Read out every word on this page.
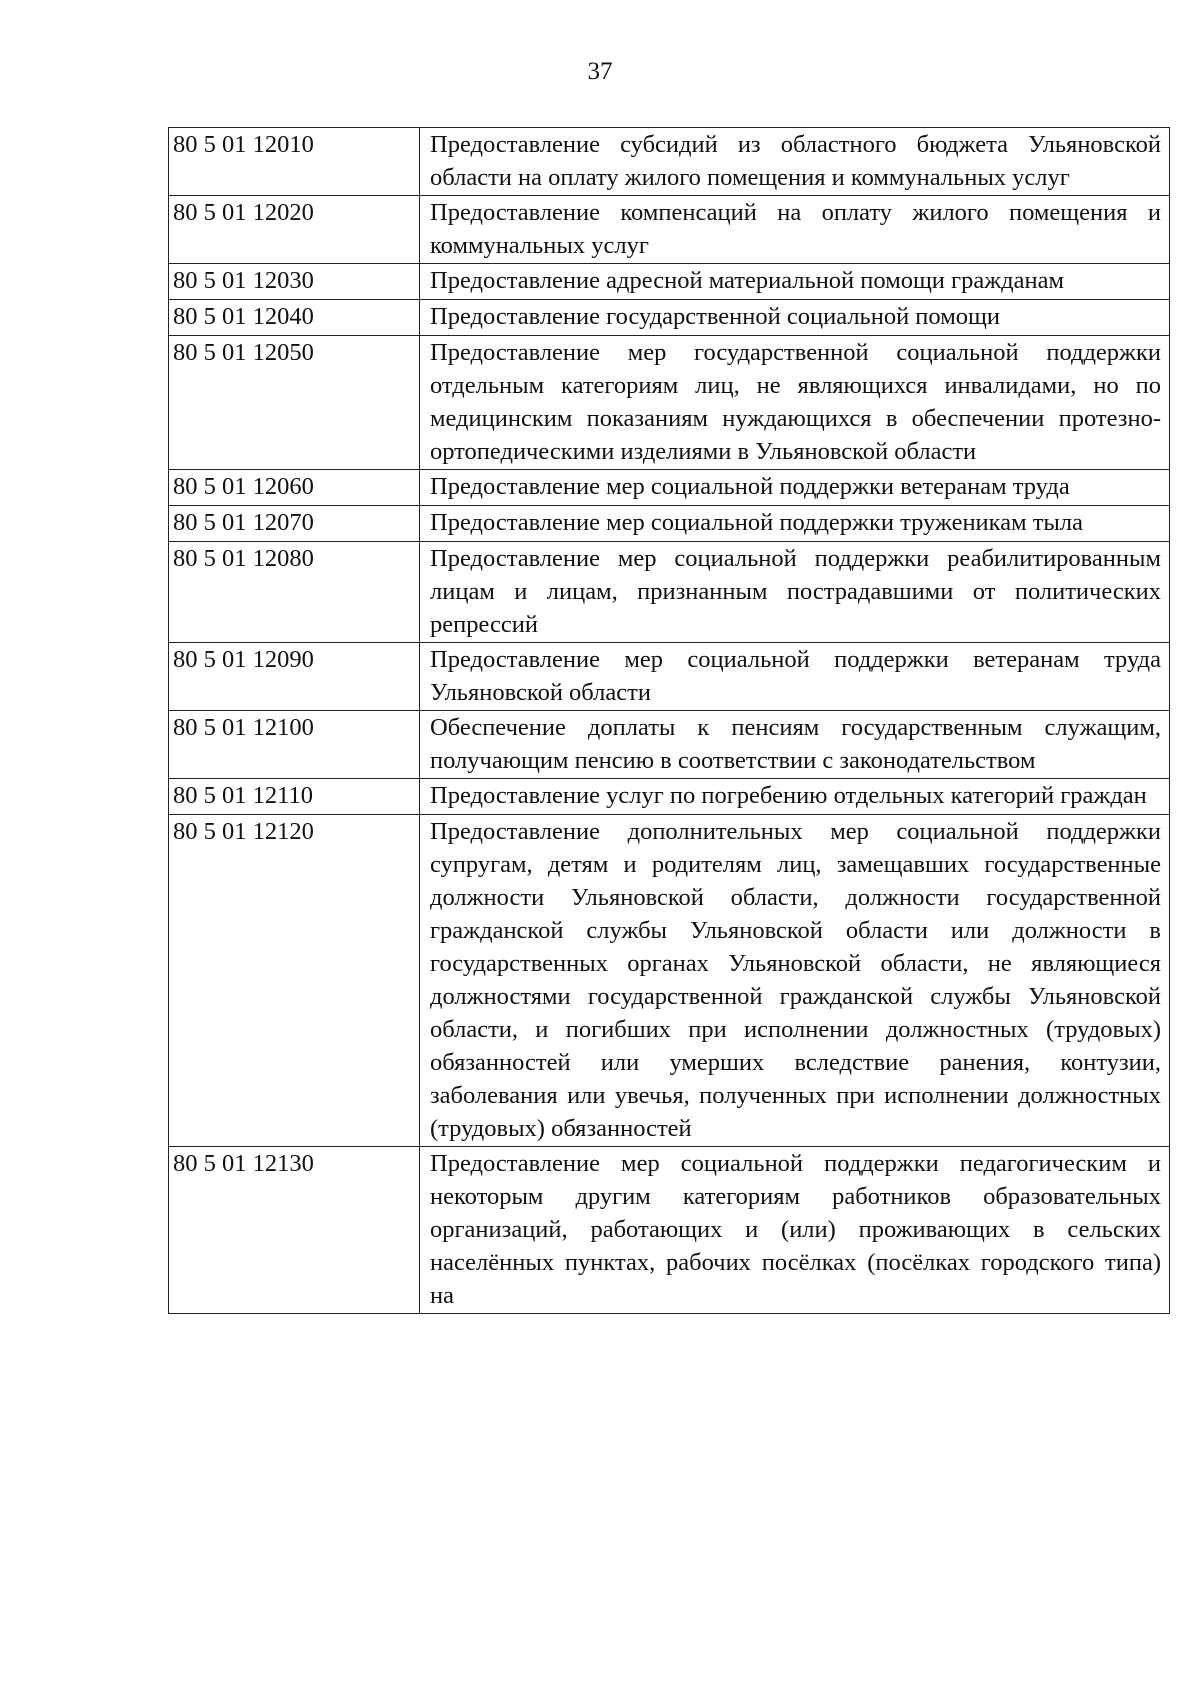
37
80 5 01 12010	Предоставление субсидий из областного бюджета Ульяновской области на оплату жилого помещения и коммунальных услуг
80 5 01 12020	Предоставление компенсаций на оплату жилого помещения и коммунальных услуг
80 5 01 12030	Предоставление адресной материальной помощи гражданам
80 5 01 12040	Предоставление государственной социальной помощи
80 5 01 12050	Предоставление мер государственной социальной поддержки отдельным категориям лиц, не являющихся инвалидами, но по медицинским показаниям нуждающихся в обеспечении протезно-ортопедическими изделиями в Ульяновской области
80 5 01 12060	Предоставление мер социальной поддержки ветеранам труда
80 5 01 12070	Предоставление мер социальной поддержки труженикам тыла
80 5 01 12080	Предоставление мер социальной поддержки реабилитированным лицам и лицам, признанным пострадавшими от политических репрессий
80 5 01 12090	Предоставление мер социальной поддержки ветеранам труда Ульяновской области
80 5 01 12100	Обеспечение доплаты к пенсиям государственным служащим, получающим пенсию в соответствии с законодательством
80 5 01 12110	Предоставление услуг по погребению отдельных категорий граждан
80 5 01 12120	Предоставление дополнительных мер социальной поддержки супругам, детям и родителям лиц, замещавших государственные должности Ульяновской области, должности государственной гражданской службы Ульяновской области или должности в государственных органах Ульяновской области, не являющиеся должностями государственной гражданской службы Ульяновской области, и погибших при исполнении должностных (трудовых) обязанностей или умерших вследствие ранения, контузии, заболевания или увечья, полученных при исполнении должностных (трудовых) обязанностей
80 5 01 12130	Предоставление мер социальной поддержки педагогическим и некоторым другим категориям работников образовательных организаций, работающих и (или) проживающих в сельских населённых пунктах, рабочих посёлках (посёлках городского типа) на
